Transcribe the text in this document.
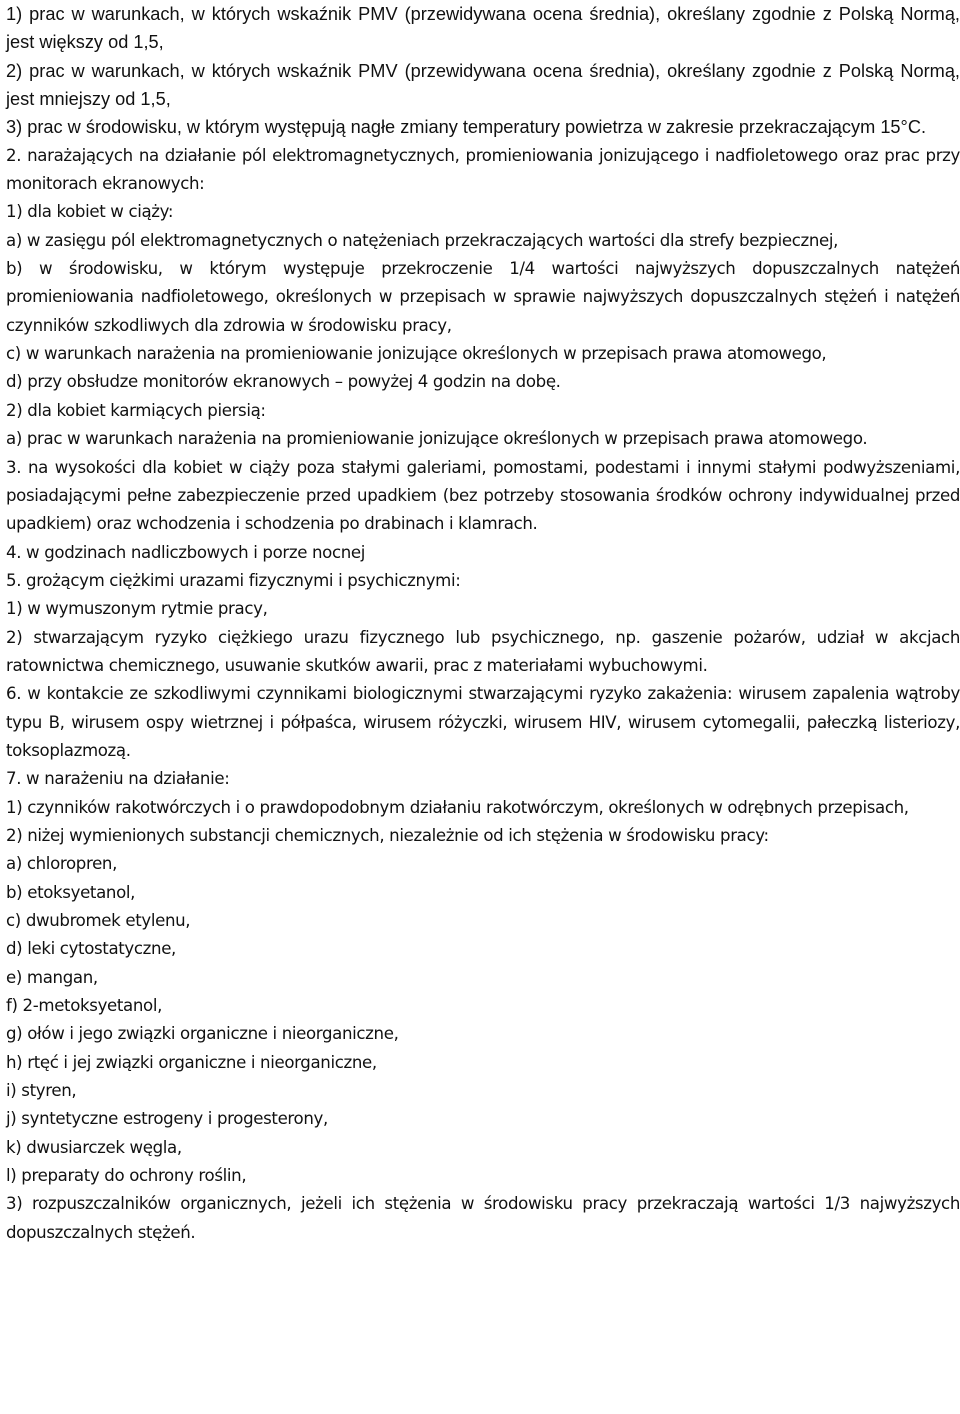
1) prac w warunkach, w których wskaźnik PMV (przewidywana ocena średnia), określany zgodnie z Polską Normą, jest większy od 1,5,

2) prac w warunkach, w których wskaźnik PMV (przewidywana ocena średnia), określany zgodnie z Polską Normą, jest mniejszy od 1,5,

3) prac w środowisku, w którym występują nagłe zmiany temperatury powietrza w zakresie przekraczającym 15°C.

2. narażających na działanie pól elektromagnetycznych, promieniowania jonizującego i nadfioletowego oraz prac przy monitorach ekranowych:

1) dla kobiet w ciąży:

a) w zasięgu pól elektromagnetycznych o natężeniach przekraczających wartości dla strefy bezpiecznej,

b) w środowisku, w którym występuje przekroczenie 1/4 wartości najwyższych dopuszczalnych natężeń promieniowania nadfioletowego, określonych w przepisach w sprawie najwyższych dopuszczalnych stężeń i natężeń czynników szkodliwych dla zdrowia w środowisku pracy,

c) w warunkach narażenia na promieniowanie jonizujące określonych w przepisach prawa atomowego,

d) przy obsłudze monitorów ekranowych – powyżej 4 godzin na dobę.

2) dla kobiet karmiących piersią:

a) prac w warunkach narażenia na promieniowanie jonizujące określonych w przepisach prawa atomowego.

3. na wysokości dla kobiet w ciąży poza stałymi galeriami, pomostami, podestami i innymi stałymi podwyższeniami, posiadającymi pełne zabezpieczenie przed upadkiem (bez potrzeby stosowania środków ochrony indywidualnej przed upadkiem) oraz wchodzenia i schodzenia po drabinach i klamrach.

4. w godzinach nadliczbowych i porze nocnej

5. grożącym ciężkimi urazami fizycznymi i psychicznymi:

1) w wymuszonym rytmie pracy,

2) stwarzającym ryzyko ciężkiego urazu fizycznego lub psychicznego, np. gaszenie pożarów, udział w akcjach ratownictwa chemicznego, usuwanie skutków awarii, prac z materiałami wybuchowymi.

6. w kontakcie ze szkodliwymi czynnikami biologicznymi stwarzającymi ryzyko zakażenia: wirusem zapalenia wątroby typu B, wirusem ospy wietrznej i półpaśca, wirusem różyczki, wirusem HIV, wirusem cytomegalii, pałeczką listeriozy, toksoplazmozą.

7. w narażeniu na działanie:

1) czynników rakotwórczych i o prawdopodobnym działaniu rakotwórczym, określonych w odrębnych przepisach,

2) niżej wymienionych substancji chemicznych, niezależnie od ich stężenia w środowisku pracy:

a) chloropren,

b) etoksyetanol,

c) dwubromek etylenu,

d) leki cytostatyczne,

e) mangan,

f) 2-metoksyetanol,

g) ołów i jego związki organiczne i nieorganiczne,

h) rtęć i jej związki organiczne i nieorganiczne,

i) styren,

j) syntetyczne estrogeny i progesterony,

k) dwusiarczek węgla,

l) preparaty do ochrony roślin,

3) rozpuszczalników organicznych, jeżeli ich stężenia w środowisku pracy przekraczają wartości 1/3 najwyższych dopuszczalnych stężeń.
